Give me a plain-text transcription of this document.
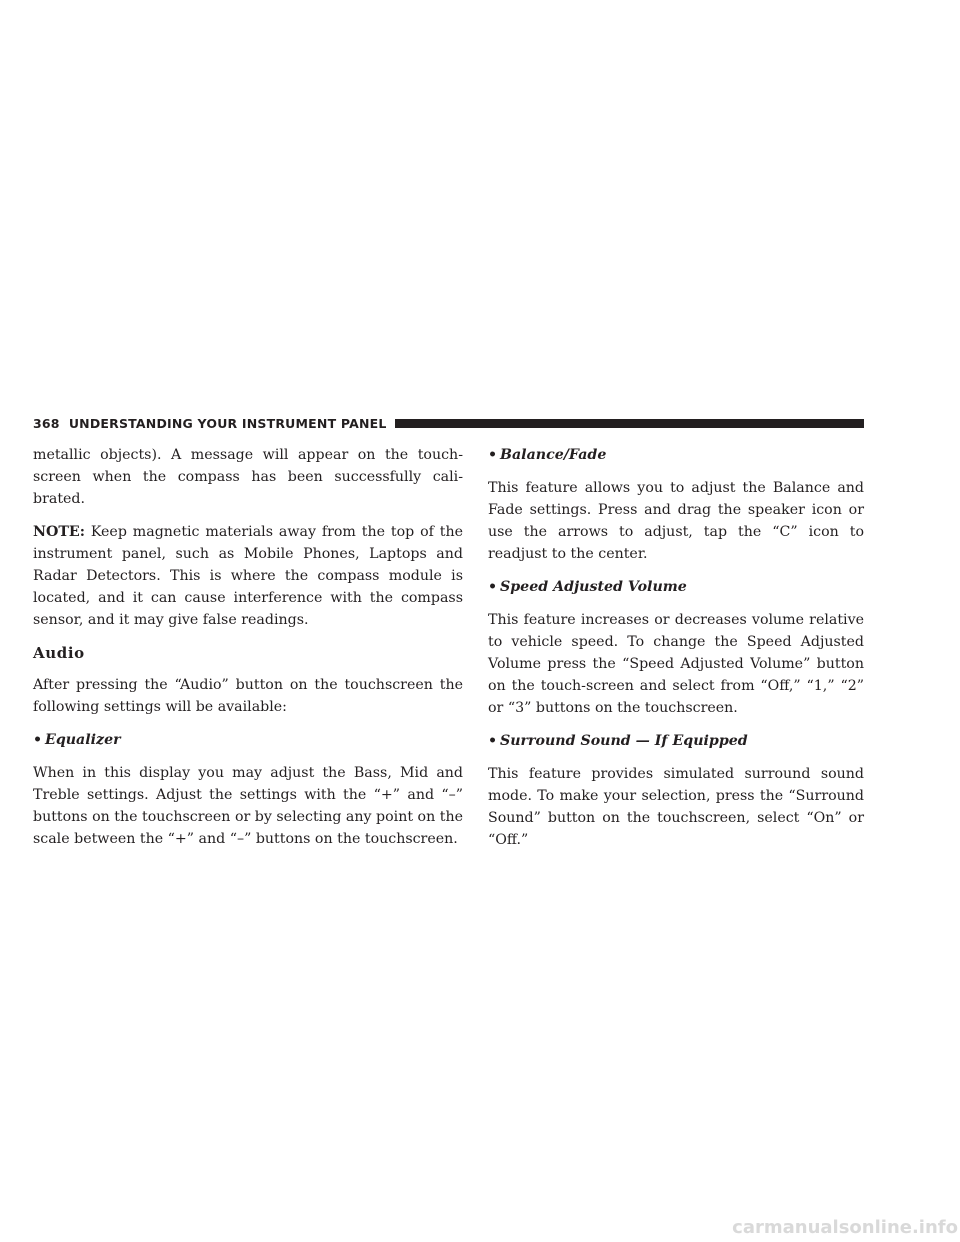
368 UNDERSTANDING YOUR INSTRUMENT PANEL

metallic objects). A message will appear on the touch-screen when the compass has been successfully cali-brated.

NOTE: Keep magnetic materials away from the top of the instrument panel, such as Mobile Phones, Laptops and Radar Detectors. This is where the compass module is located, and it can cause interference with the compass sensor, and it may give false readings.

Audio

After pressing the “Audio” button on the touchscreen the following settings will be available:

• Equalizer

When in this display you may adjust the Bass, Mid and Treble settings. Adjust the settings with the “+” and “–” buttons on the touchscreen or by selecting any point on the scale between the “+” and “–” buttons on the touchscreen.

• Balance/Fade

This feature allows you to adjust the Balance and Fade settings. Press and drag the speaker icon or use the arrows to adjust, tap the “C” icon to readjust to the center.

• Speed Adjusted Volume

This feature increases or decreases volume relative to vehicle speed. To change the Speed Adjusted Volume press the “Speed Adjusted Volume” button on the touch-screen and select from “Off,” “1,” “2” or “3” buttons on the touchscreen.

• Surround Sound — If Equipped

This feature provides simulated surround sound mode. To make your selection, press the “Surround Sound” button on the touchscreen, select “On” or “Off.”

carmanualsonline.info
